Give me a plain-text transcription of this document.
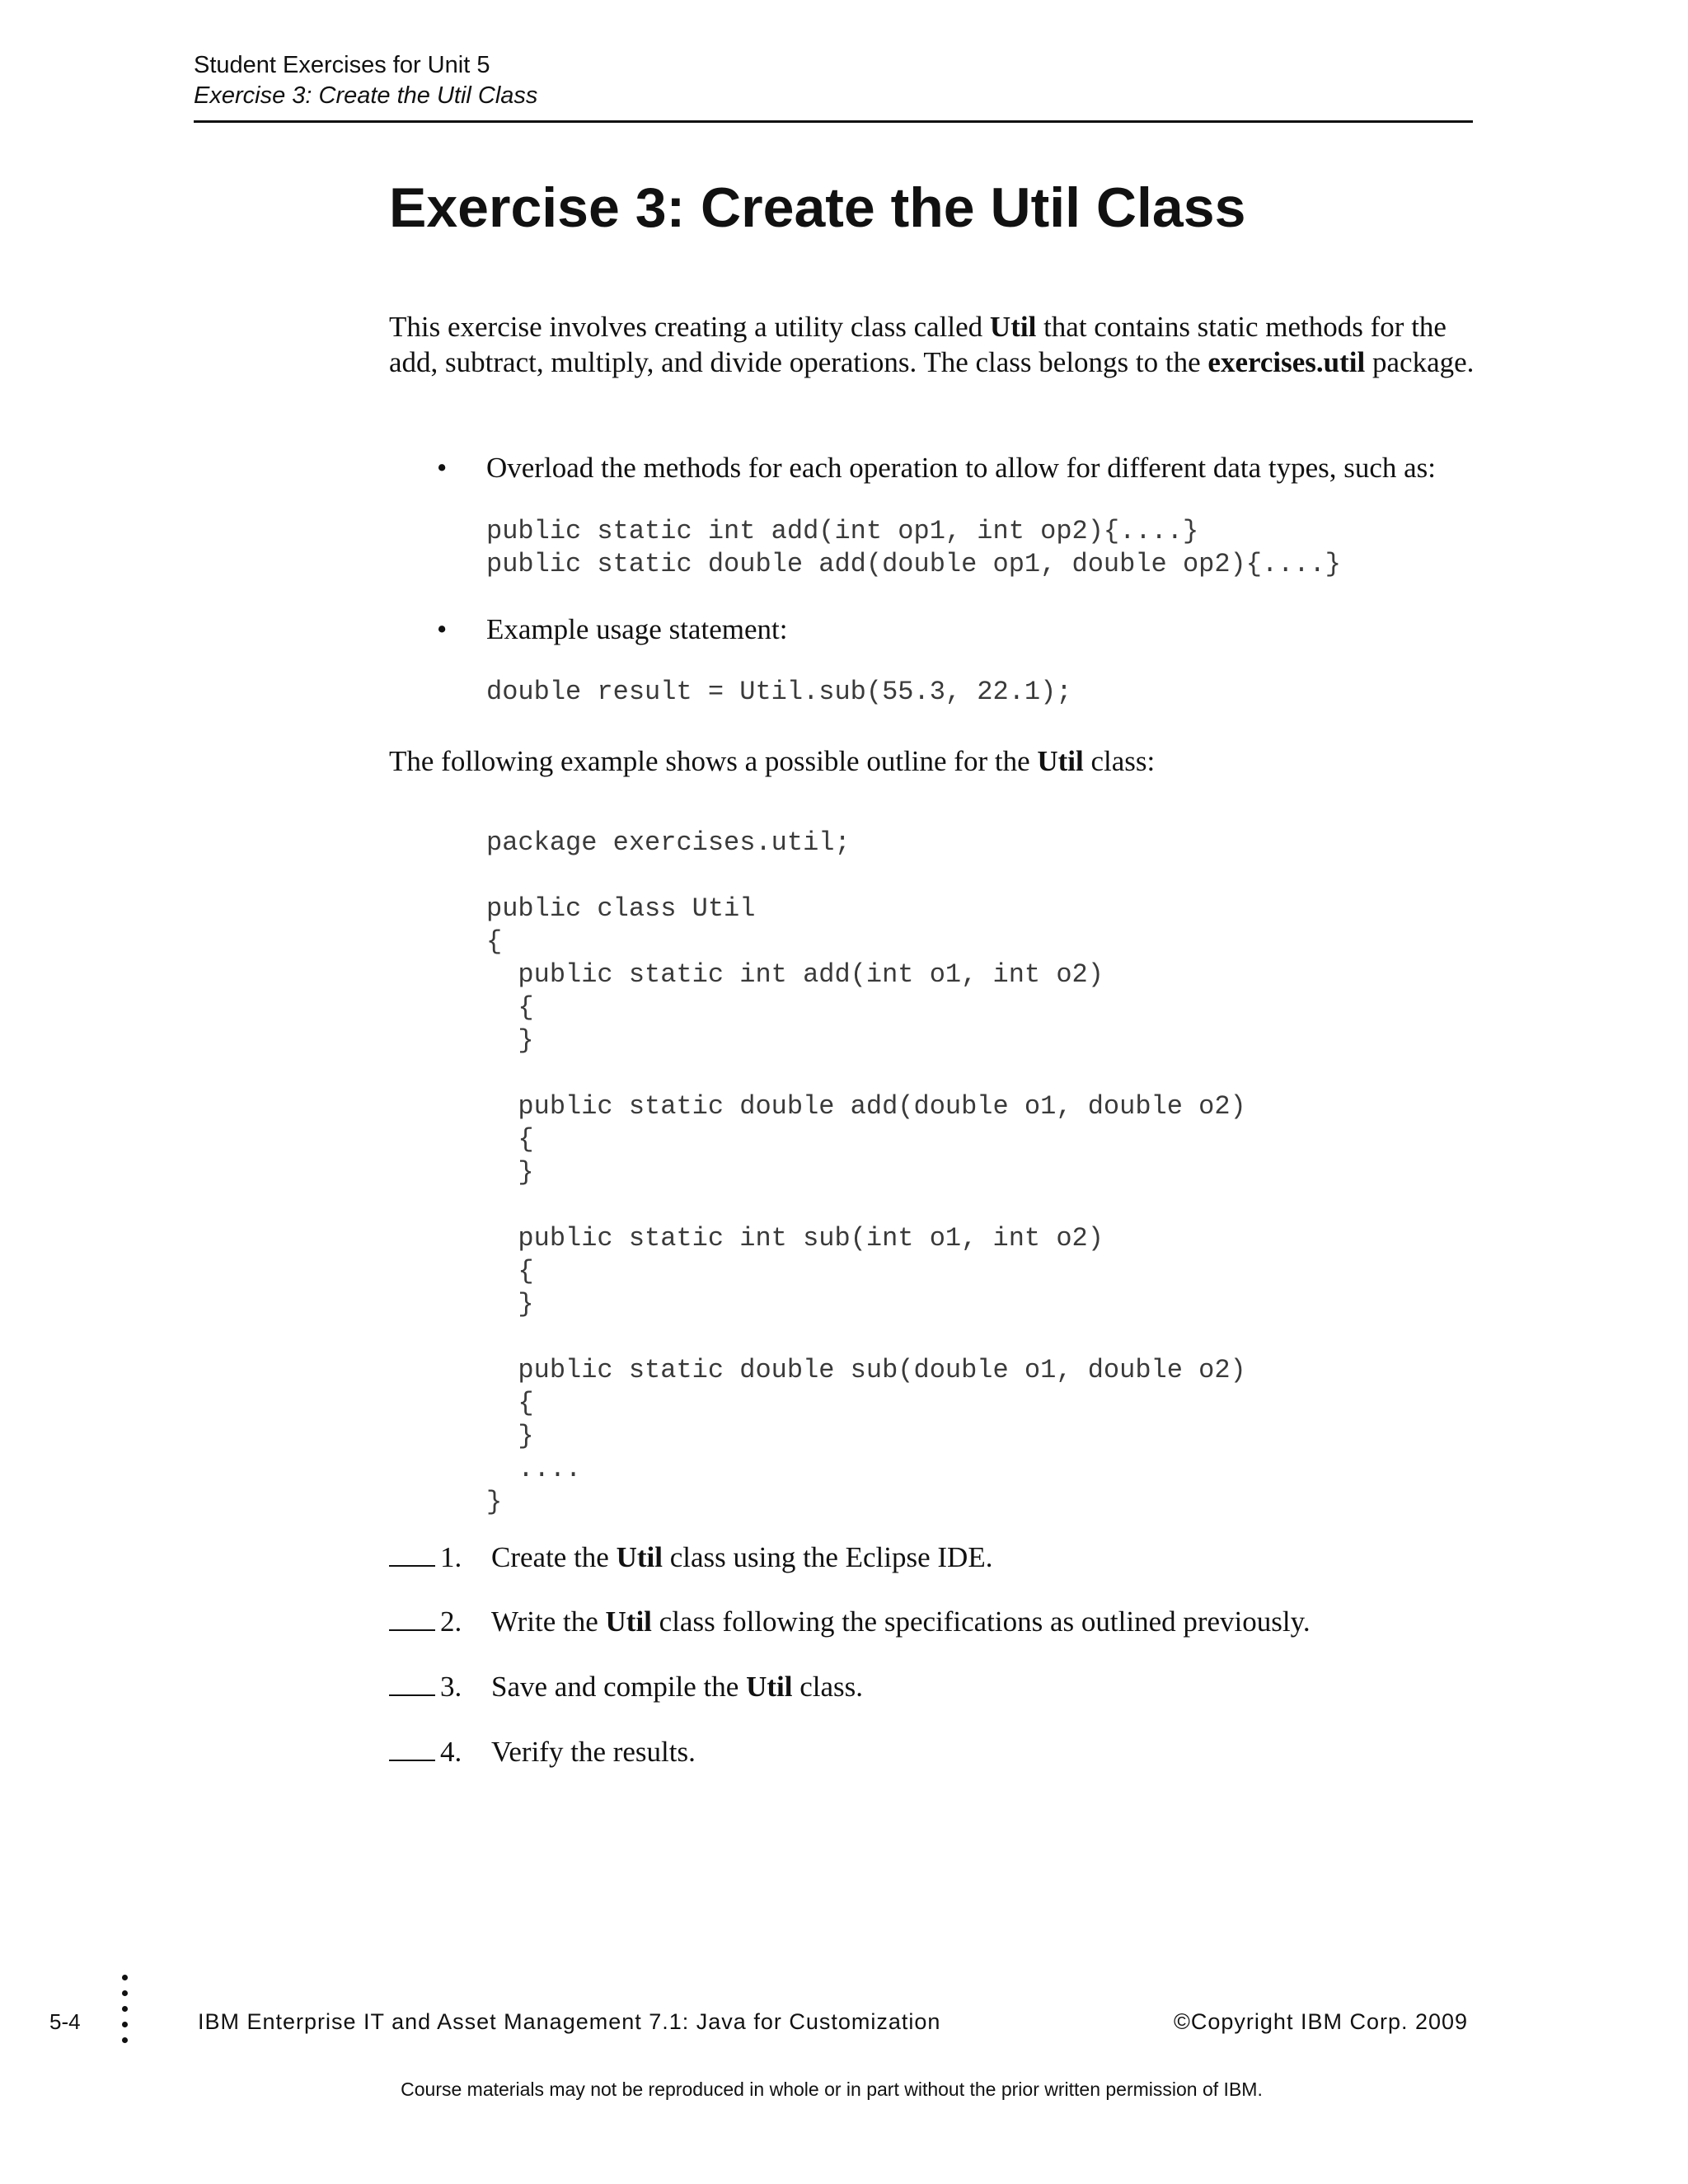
Student Exercises for Unit 5
Exercise 3: Create the Util Class
Exercise 3: Create the Util Class

This exercise involves creating a utility class called Util that contains static methods for the add, subtract, multiply, and divide operations. The class belongs to the exercises.util package.

• Overload the methods for each operation to allow for different data types, such as:
public static int add(int op1, int op2){....}
public static double add(double op1, double op2){....}
• Example usage statement:
double result = Util.sub(55.3, 22.1);

The following example shows a possible outline for the Util class:

package exercises.util;

public class Util
{
public static int add(int o1, int o2)
{
}

public static double add(double o1, double o2)
{
}

public static int sub(int o1, int o2)
{
}

public static double sub(double o1, double o2)
{
}
....
}
1. Create the Util class using the Eclipse IDE.
2. Write the Util class following the specifications as outlined previously.
3. Save and compile the Util class.
4. Verify the results.
5-4	IBM Enterprise IT and Asset Management 7.1: Java for Customization	©Copyright IBM Corp. 2009
Course materials may not be reproduced in whole or in part without the prior written permission of IBM.
